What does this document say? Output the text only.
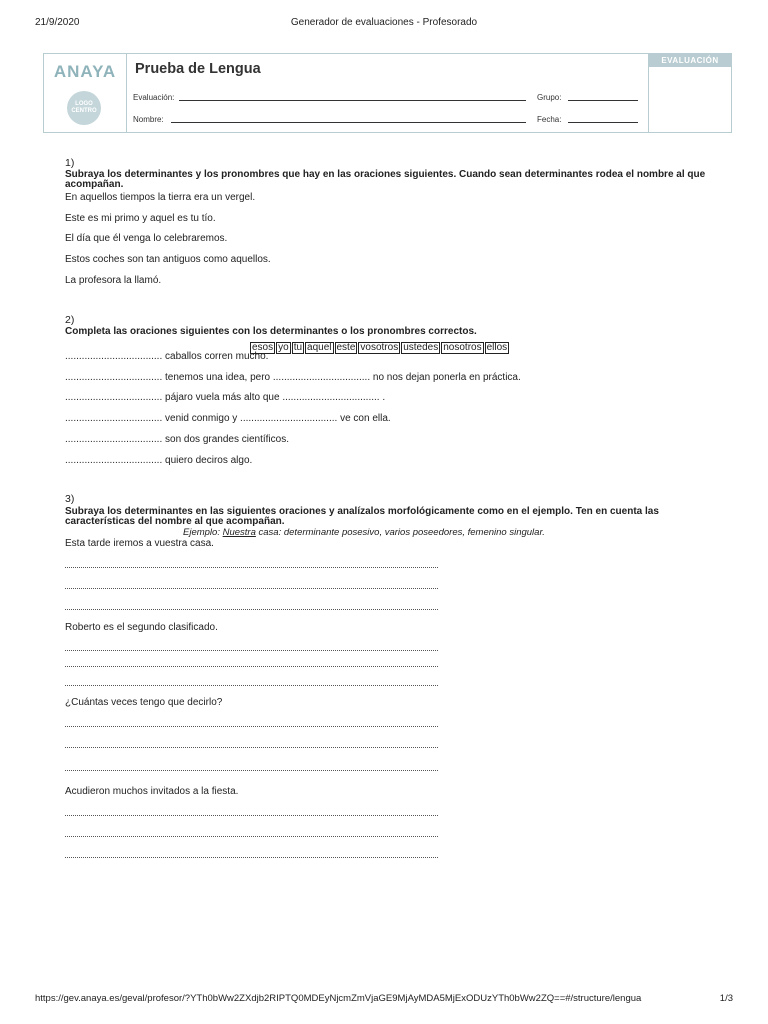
21/9/2020	Generador de evaluaciones - Profesorado
ANAYA
LOGO
CENTRO
Prueba de Lengua
Evaluación:
Nombre:
Grupo:
Fecha:
EVALUACIÓN
1)
Subraya los determinantes y los pronombres que hay en las oraciones siguientes. Cuando sean determinantes rodea el nombre al que acompañan.
En aquellos tiempos la tierra era un vergel.
Este es mi primo y aquel es tu tío.
El día que él venga lo celebraremos.
Estos coches son tan antiguos como aquellos.
La profesora la llamó.
2)
Completa las oraciones siguientes con los determinantes o los pronombres correctos.
esos yo tu aquel este vosotros ustedes nosotros ellos
................................... caballos corren mucho.
................................... tenemos una idea, pero ................................... no nos dejan ponerla en práctica.
................................... pájaro vuela más alto que ................................... .
................................... venid conmigo y ................................... ve con ella.
................................... son dos grandes científicos.
................................... quiero deciros algo.
3)
Subraya los determinantes en las siguientes oraciones y analízalos morfológicamente como en el ejemplo. Ten en cuenta las características del nombre al que acompañan.
Ejemplo: Nuestra casa: determinante posesivo, varios poseedores, femenino singular.
Esta tarde iremos a vuestra casa.
Roberto es el segundo clasificado.
¿Cuántas veces tengo que decirlo?
Acudieron muchos invitados a la fiesta.
https://gev.anaya.es/geval/profesor/?YTh0bWw2ZXdjb2RIPTQ0MDEyNjcmZmVjaGE9MjAyMDA5MjExODUzYTh0bWw2ZQ==#/structure/lengua	1/3
